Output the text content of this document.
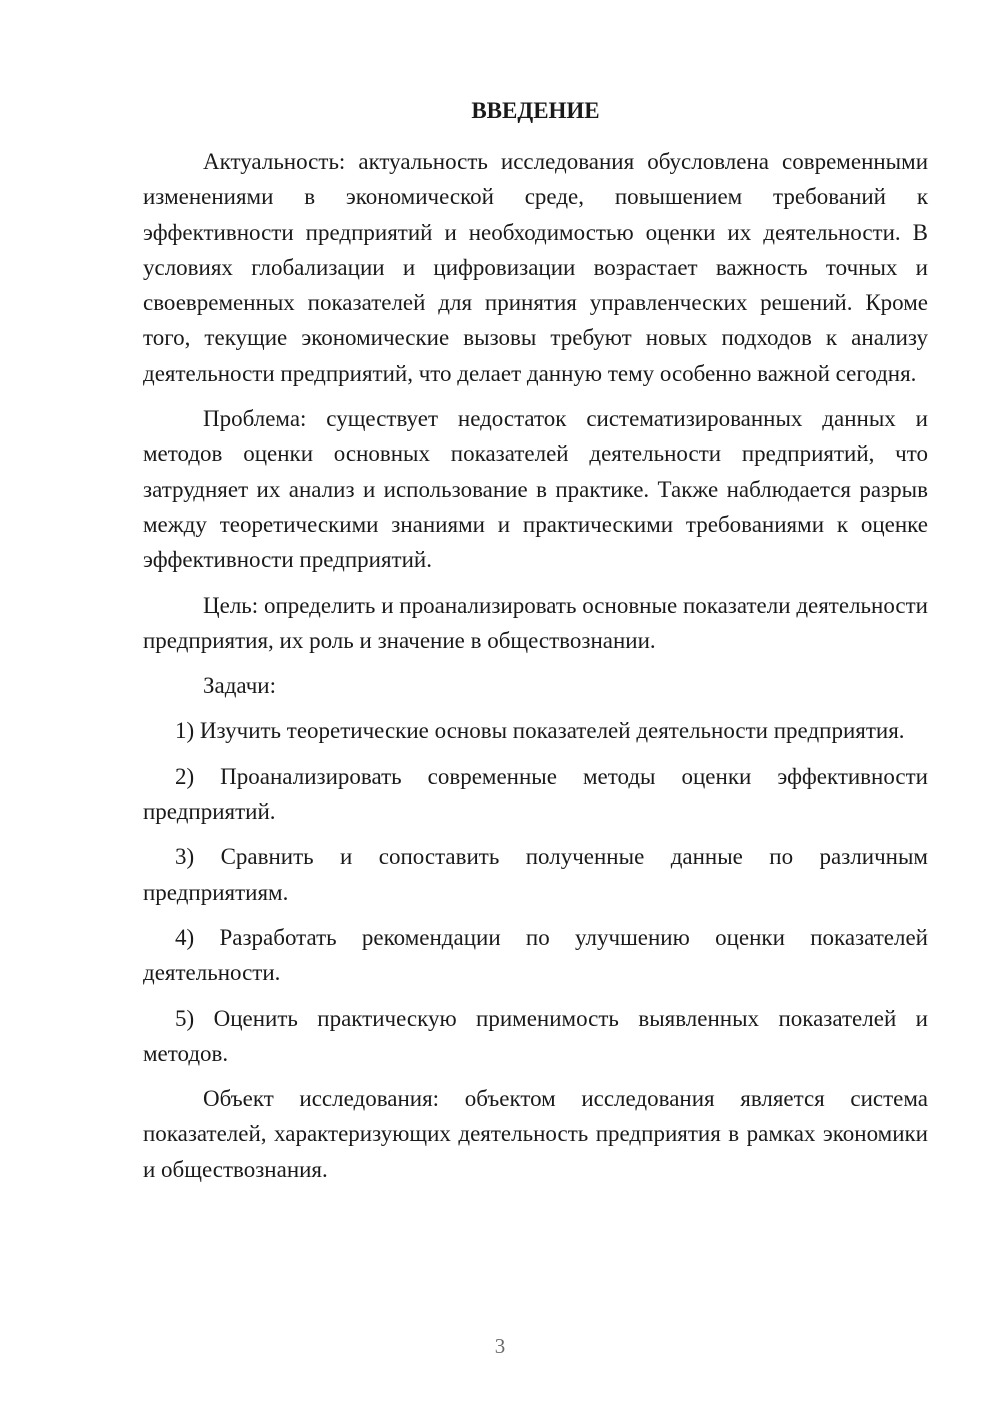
ВВЕДЕНИЕ

Актуальность: актуальность исследования обусловлена современными изменениями в экономической среде, повышением требований к эффективности предприятий и необходимостью оценки их деятельности. В условиях глобализации и цифровизации возрастает важность точных и своевременных показателей для принятия управленческих решений. Кроме того, текущие экономические вызовы требуют новых подходов к анализу деятельности предприятий, что делает данную тему особенно важной сегодня.

Проблема: существует недостаток систематизированных данных и методов оценки основных показателей деятельности предприятий, что затрудняет их анализ и использование в практике. Также наблюдается разрыв между теоретическими знаниями и практическими требованиями к оценке эффективности предприятий.

Цель: определить и проанализировать основные показатели деятельности предприятия, их роль и значение в обществознании.

Задачи:

1) Изучить теоретические основы показателей деятельности предприятия.

2) Проанализировать современные методы оценки эффективности предприятий.

3) Сравнить и сопоставить полученные данные по различным предприятиям.

4) Разработать рекомендации по улучшению оценки показателей деятельности.

5) Оценить практическую применимость выявленных показателей и методов.

Объект исследования: объектом исследования является система показателей, характеризующих деятельность предприятия в рамках экономики и обществознания.

3
